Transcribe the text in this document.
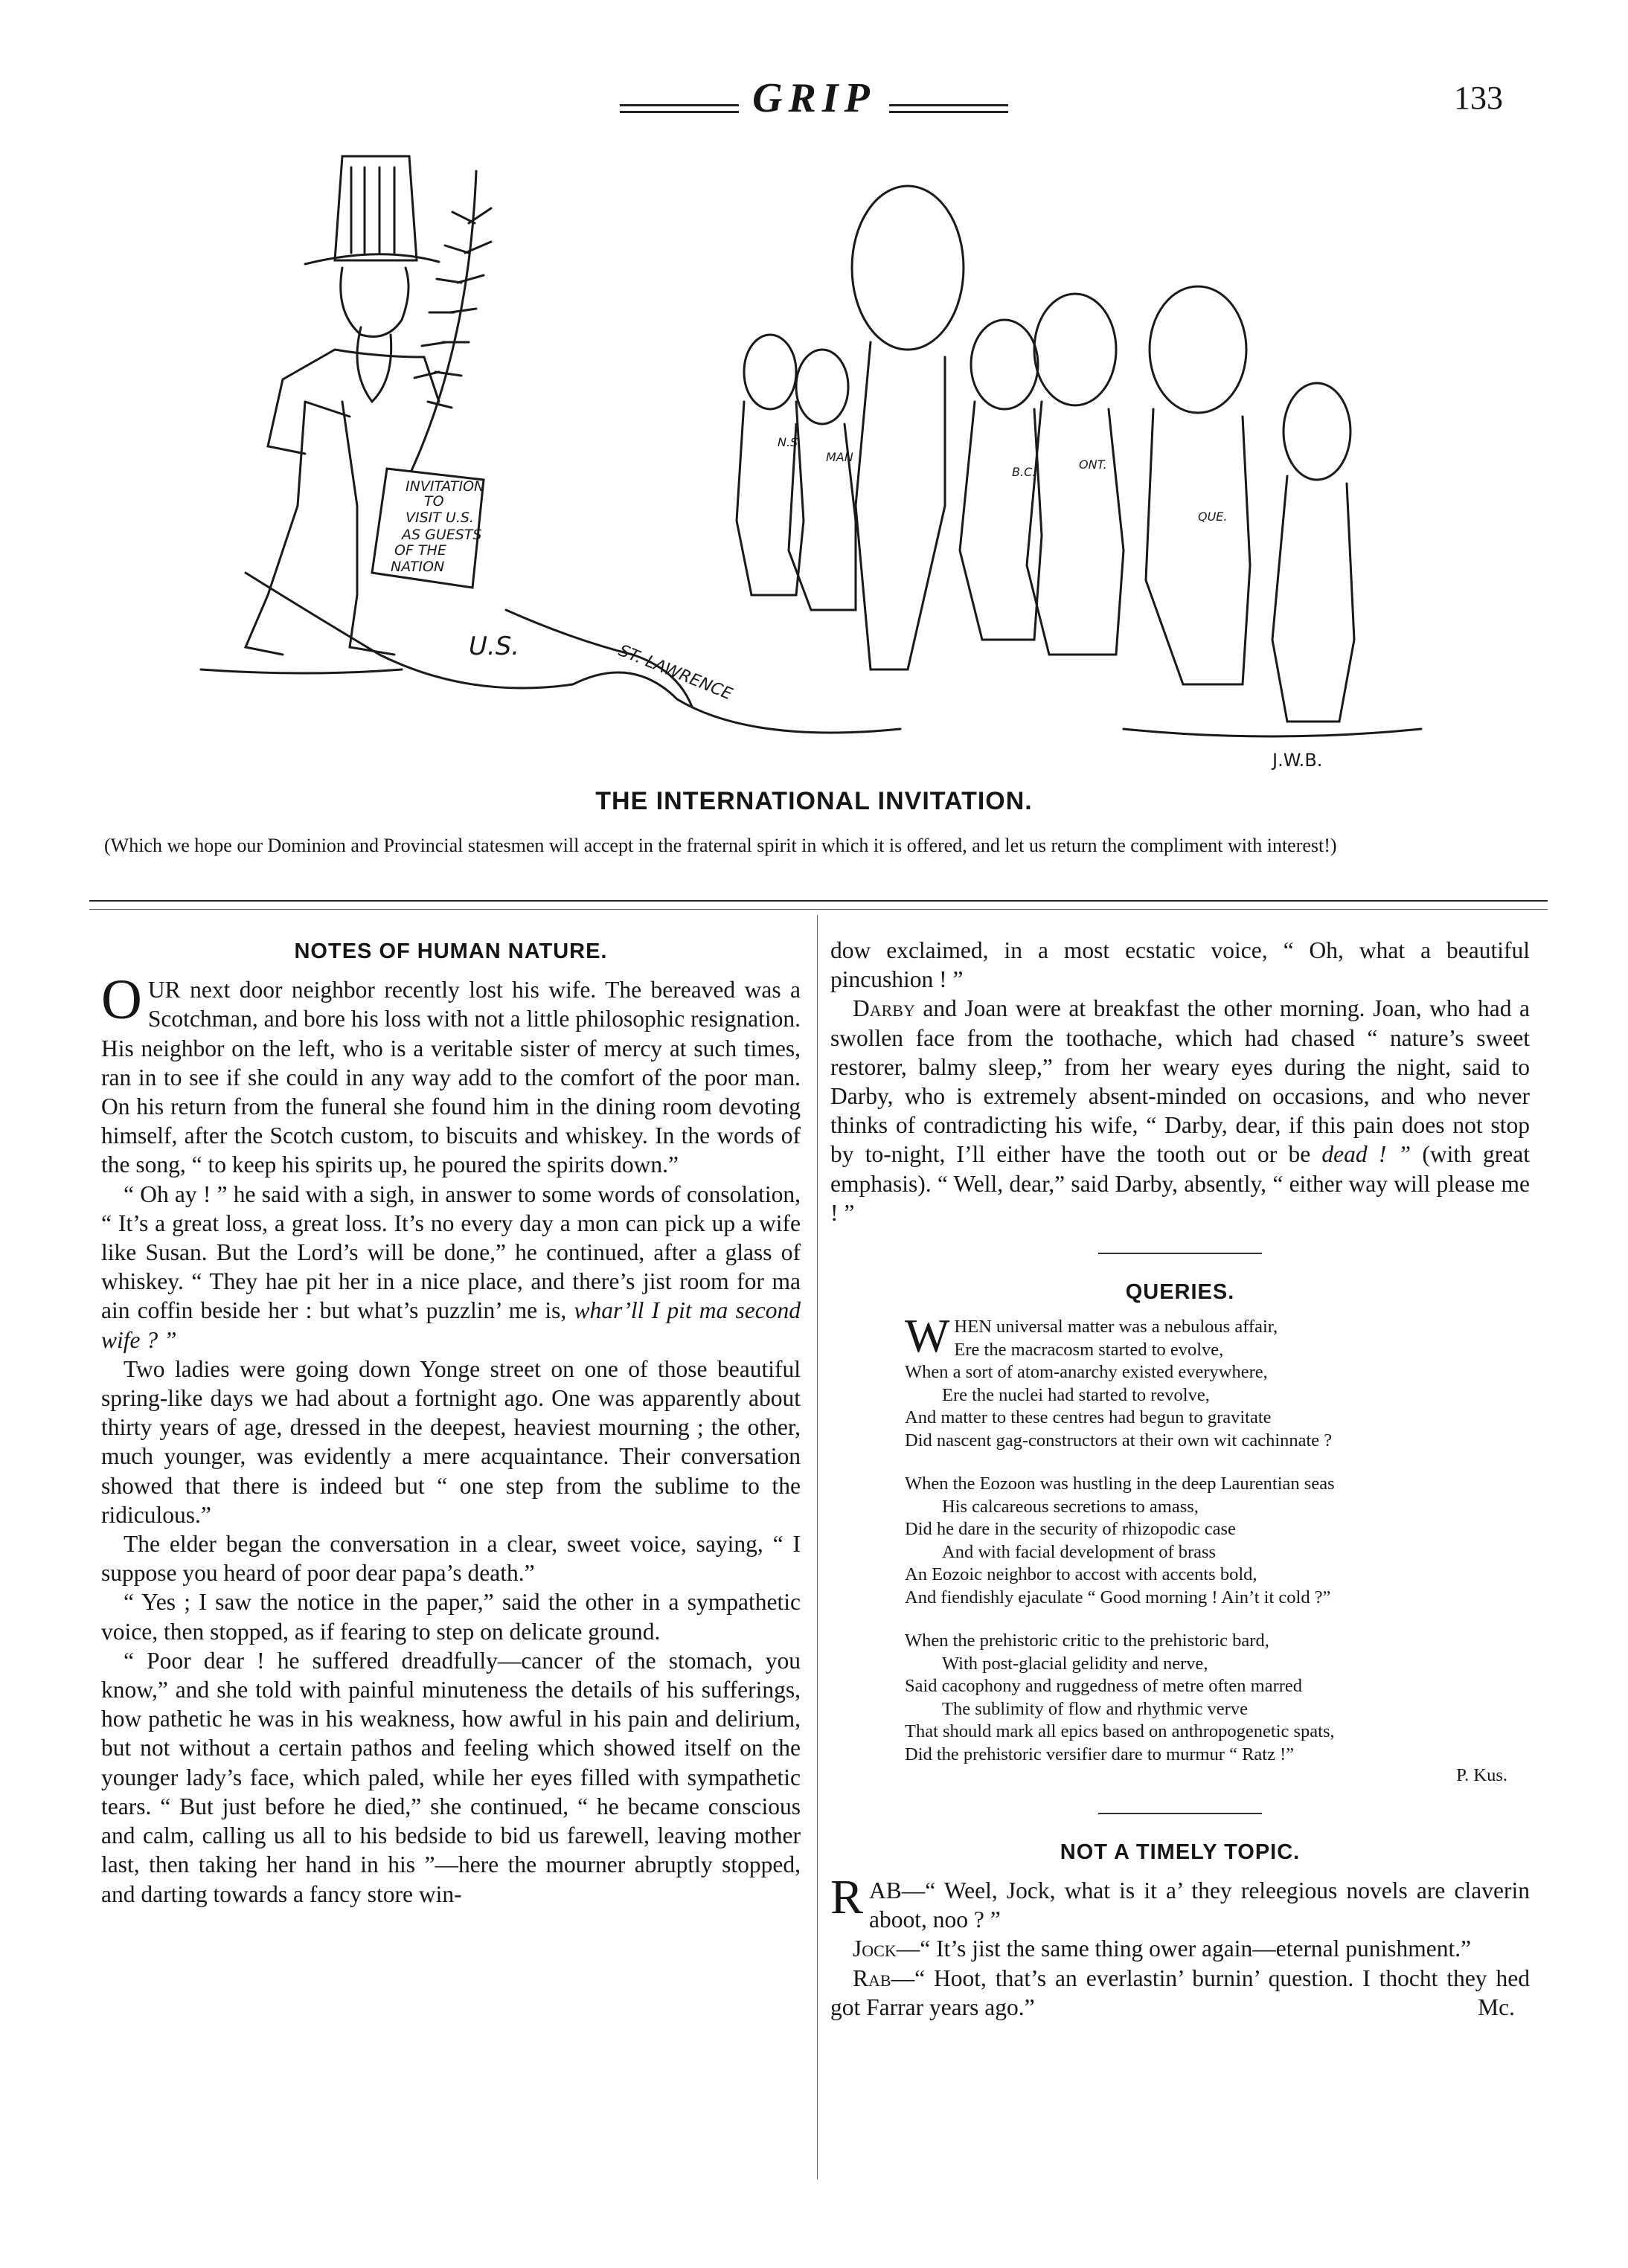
GRIP	133
INVITATION
TO
VISIT U.S.
AS GUESTS
OF THE
NATION
U.S.	ST. LAWRENCE
N.S.
MAN
B.C.
ONT.
QUE.
J.W.B.
THE INTERNATIONAL INVITATION.
(Which we hope our Dominion and Provincial statesmen will accept in the fraternal spirit in which it is offered, and let us return the compliment with interest!)
NOTES OF HUMAN NATURE.

OUR next door neighbor recently lost his wife. The bereaved was a Scotchman, and bore his loss with not a little philosophic resignation. His neighbor on the left, who is a veritable sister of mercy at such times, ran in to see if she could in any way add to the comfort of the poor man. On his return from the funeral she found him in the dining room devoting himself, after the Scotch custom, to biscuits and whiskey. In the words of the song, “ to keep his spirits up, he poured the spirits down.”

“ Oh ay ! ” he said with a sigh, in answer to some words of consolation, “ It’s a great loss, a great loss. It’s no every day a mon can pick up a wife like Susan. But the Lord’s will be done,” he continued, after a glass of whiskey. “ They hae pit her in a nice place, and there’s jist room for ma ain coffin beside her : but what’s puzzlin’ me is, whar’ll I pit ma second wife ? ”

Two ladies were going down Yonge street on one of those beautiful spring-like days we had about a fortnight ago. One was apparently about thirty years of age, dressed in the deepest, heaviest mourning ; the other, much younger, was evidently a mere acquaintance. Their conversation showed that there is indeed but “ one step from the sublime to the ridiculous.”

The elder began the conversation in a clear, sweet voice, saying, “ I suppose you heard of poor dear papa’s death.”

“ Yes ; I saw the notice in the paper,” said the other in a sympathetic voice, then stopped, as if fearing to step on delicate ground.

“ Poor dear ! he suffered dreadfully—cancer of the stomach, you know,” and she told with painful minuteness the details of his sufferings, how pathetic he was in his weakness, how awful in his pain and delirium, but not without a certain pathos and feeling which showed itself on the younger lady’s face, which paled, while her eyes filled with sympathetic tears. “ But just before he died,” she continued, “ he became conscious and calm, calling us all to his bedside to bid us farewell, leaving mother last, then taking her hand in his ”—here the mourner abruptly stopped, and darting towards a fancy store win-

dow exclaimed, in a most ecstatic voice, “ Oh, what a beautiful pincushion ! ”

Darby and Joan were at breakfast the other morning. Joan, who had a swollen face from the toothache, which had chased “ nature’s sweet restorer, balmy sleep,” from her weary eyes during the night, said to Darby, who is extremely absent-minded on occasions, and who never thinks of contradicting his wife, “ Darby, dear, if this pain does not stop by to-night, I’ll either have the tooth out or be dead ! ” (with great emphasis). “ Well, dear,” said Darby, absently, “ either way will please me ! ”

QUERIES.
W HEN universal matter was a nebulous affair,
Ere the macracosm started to evolve,
When a sort of atom-anarchy existed everywhere,
Ere the nuclei had started to revolve,
And matter to these centres had begun to gravitate
Did nascent gag-constructors at their own wit cachinnate ?
When the Eozoon was hustling in the deep Laurentian seas
His calcareous secretions to amass,
Did he dare in the security of rhizopodic case
And with facial development of brass
An Eozoic neighbor to accost with accents bold,
And fiendishly ejaculate “ Good morning ! Ain’t it cold ?”
When the prehistoric critic to the prehistoric bard,
With post-glacial gelidity and nerve,
Said cacophony and ruggedness of metre often marred
The sublimity of flow and rhythmic verve
That should mark all epics based on anthropogenetic spats,
Did the prehistoric versifier dare to murmur “ Ratz !”
P. Kus.
NOT A TIMELY TOPIC.

RAB—“ Weel, Jock, what is it a’ they releegious novels are claverin aboot, noo ? ”

Jock—“ It’s jist the same thing ower again—eternal punishment.”

Rab—“ Hoot, that’s an everlastin’ burnin’ question. I thocht they hed got Farrar years ago.”	Mc.
